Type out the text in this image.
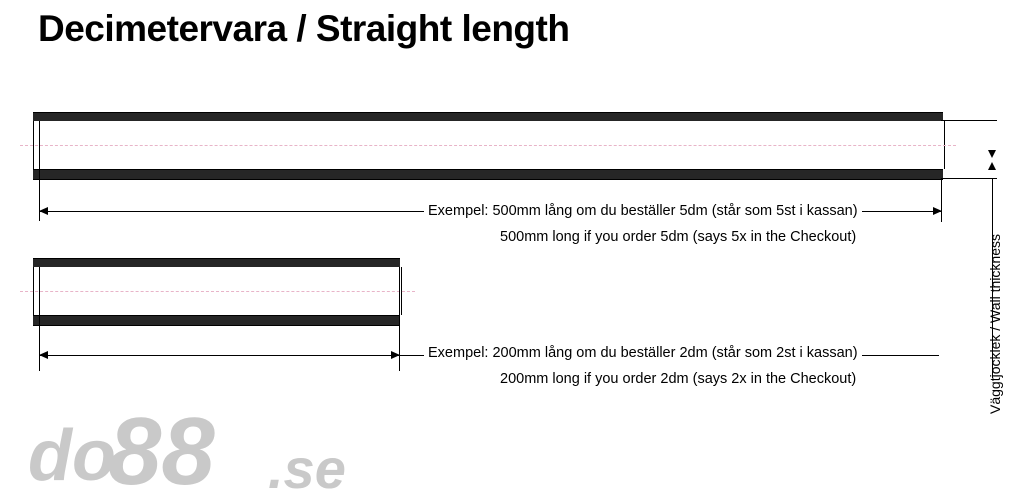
Decimetervara / Straight length
Exempel: 500mm lång om du beställer 5dm (står som 5st i kassan)
500mm long if you order 5dm (says 5x in the Checkout)
Exempel: 200mm lång om du beställer 2dm (står som 2st i kassan)
200mm long if you order 2dm (says 2x in the Checkout)	Väggtjocklek / Wall thickness
do
88 .se
